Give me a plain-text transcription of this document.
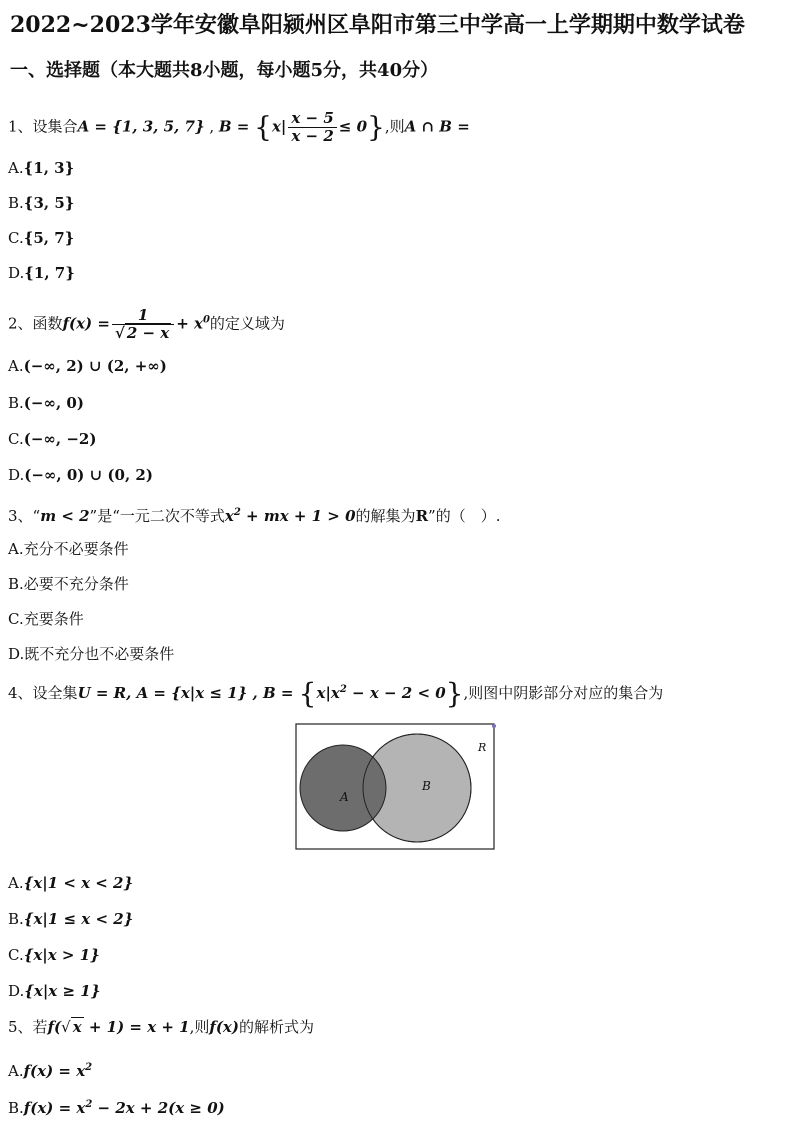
2022~2023学年安徽阜阳颍州区阜阳市第三中学高一上学期期中数学试卷
一、选择题（本大题共8小题，每小题5分，共40分）
1、设集合A = {1, 3, 5, 7} , $B = \{x| \frac{x - 5}{x - 2} \le 0\}$,则A ∩ B =
A.{1, 3}
B.{3, 5}
C.{5, 7}
D.{1, 7}
2、函数$f(x) = \frac{1}{√ 2 - x} + x^0$的定义域为
A.(−∞, 2) ∪ (2, +∞)
B.(−∞, 0)
C.(−∞, −2)
D.(−∞, 0) ∪ (0, 2)
3、“m < 2”是“一元二次不等式$x^2$ + mx + 1 > 0的解集为R”的（　）.
A.充分不必要条件
B.必要不充分条件
C.充要条件
D.既不充分也不必要条件
4、设全集U = R, A = {x|x ≤ 1} , $B = \{x|x^2 - x - 2 < 0\}$,则图中阴影部分对应的集合为
A
B
R
A.{x|1 < x < 2}
B.{x|1 ≤ x < 2}
C.{x|x > 1}
D.{x|x ≥ 1}
5、若f(√ x + 1) = x + 1,则f(x)的解析式为
$A.f(x) = x^2$
$B.f(x) = x^2 - 2x + 2(x \ge 0)$
